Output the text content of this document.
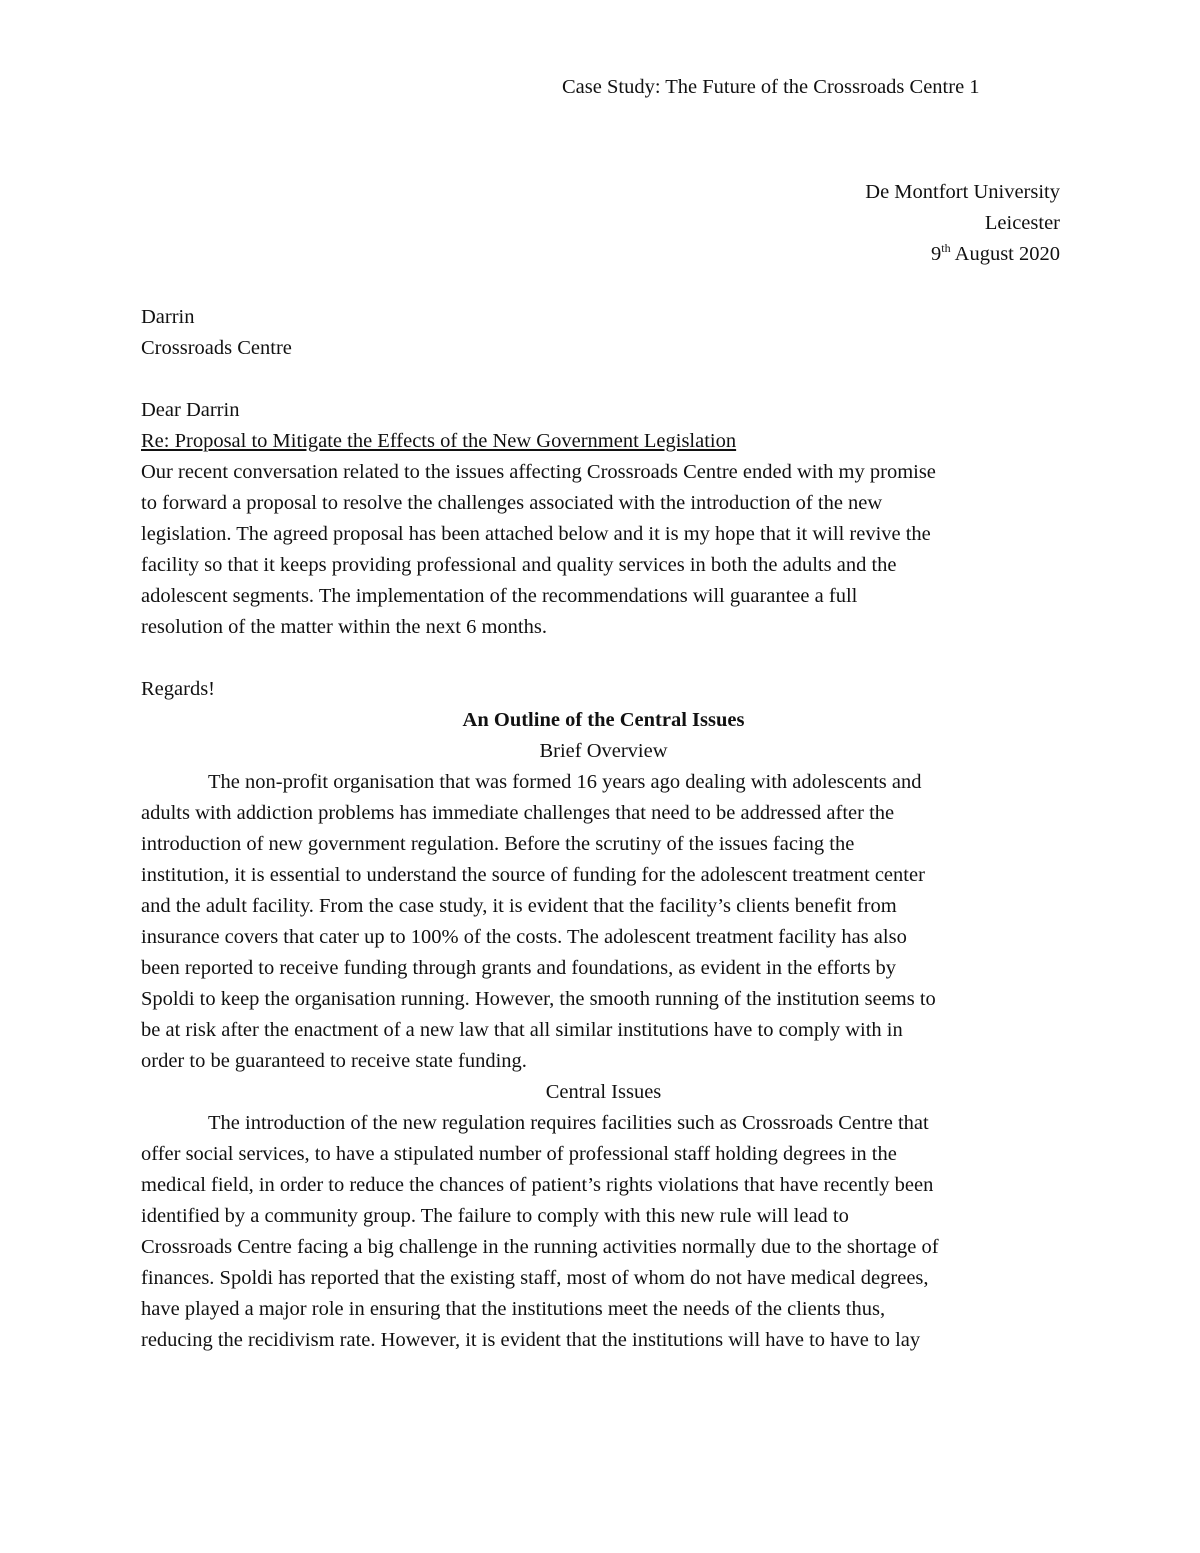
Case Study: The Future of the Crossroads Centre 1
De Montfort University
Leicester
9th August 2020
Darrin
Crossroads Centre
Dear Darrin
Re: Proposal to Mitigate the Effects of the New Government Legislation
Our recent conversation related to the issues affecting Crossroads Centre ended with my promise
to forward a proposal to resolve the challenges associated with the introduction of the new
legislation. The agreed proposal has been attached below and it is my hope that it will revive the
facility so that it keeps providing professional and quality services in both the adults and the
adolescent segments. The implementation of the recommendations will guarantee a full
resolution of the matter within the next 6 months.
Regards!
An Outline of the Central Issues
Brief Overview
The non-profit organisation that was formed 16 years ago dealing with adolescents and
adults with addiction problems has immediate challenges that need to be addressed after the
introduction of new government regulation. Before the scrutiny of the issues facing the
institution, it is essential to understand the source of funding for the adolescent treatment center
and the adult facility. From the case study, it is evident that the facility’s clients benefit from
insurance covers that cater up to 100% of the costs. The adolescent treatment facility has also
been reported to receive funding through grants and foundations, as evident in the efforts by
Spoldi to keep the organisation running. However, the smooth running of the institution seems to
be at risk after the enactment of a new law that all similar institutions have to comply with in
order to be guaranteed to receive state funding.
Central Issues
The introduction of the new regulation requires facilities such as Crossroads Centre that
offer social services, to have a stipulated number of professional staff holding degrees in the
medical field, in order to reduce the chances of patient’s rights violations that have recently been
identified by a community group. The failure to comply with this new rule will lead to
Crossroads Centre facing a big challenge in the running activities normally due to the shortage of
finances. Spoldi has reported that the existing staff, most of whom do not have medical degrees,
have played a major role in ensuring that the institutions meet the needs of the clients thus,
reducing the recidivism rate. However, it is evident that the institutions will have to have to lay
